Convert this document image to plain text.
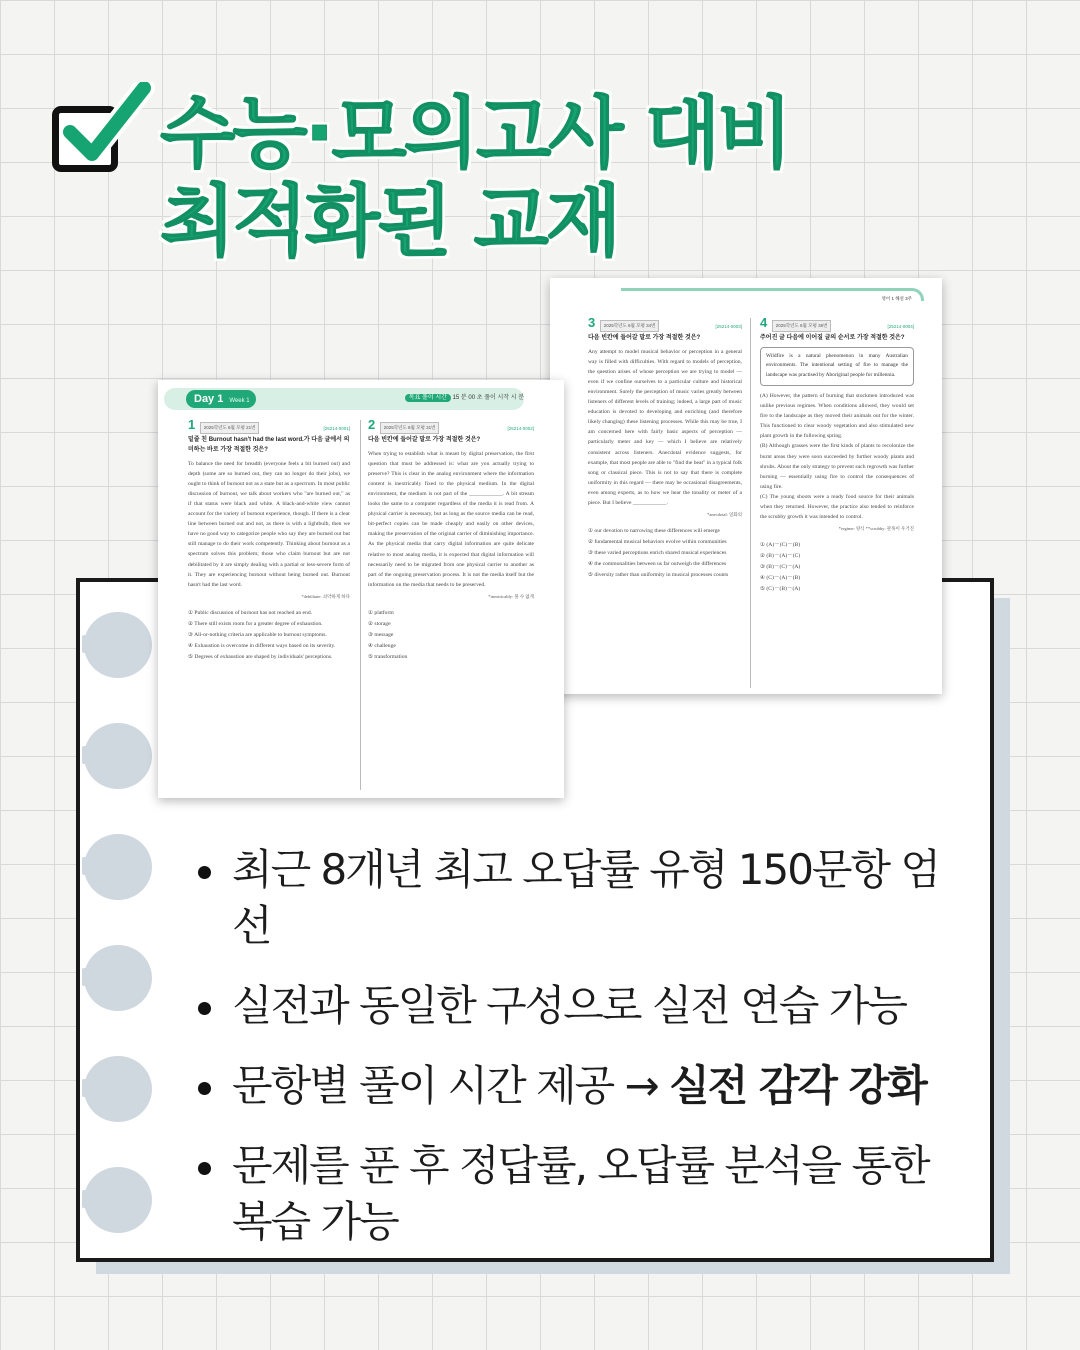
수능·모의고사 대비
최적화된 교재
영어 1 해설 3주
3 2025학년도 6월 모평 34번	[25214-0003]
다음 빈칸에 들어갈 말로 가장 적절한 것은?

Any attempt to model musical behavior or perception in a general way is filled with difficulties. With regard to models of perception, the question arises of whose perception we are trying to model — even if we confine ourselves to a particular culture and historical environment. Surely the perception of music varies greatly between listeners of different levels of training; indeed, a large part of music education is devoted to developing and enriching (and therefore likely changing) these listening processes. While this may be true, I am concerned here with fairly basic aspects of perception — particularly meter and key — which I believe are relatively consistent across listeners. Anecdotal evidence suggests, for example, that most people are able to "find the beat" in a typical folk song or classical piece. This is not to say that there is complete uniformity in this regard — there may be occasional disagreements, even among experts, as to how we hear the tonality or meter of a piece. But I believe ____________.

*anecdotal: 일화의
① our devotion to narrowing these differences will emerge
② fundamental musical behaviors evolve within communities
③ these varied perceptions enrich shared musical experiences
④ the commonalities between us far outweigh the differences
⑤ diversity rather than uniformity in musical processes counts
4 2025학년도 6월 모평 36번	[25214-0004]
주어진 글 다음에 이어질 글의 순서로 가장 적절한 것은?
Wildfire is a natural phenomenon in many Australian environments. The intentional setting of fire to manage the landscape was practised by Aboriginal people for millennia.

(A) However, the pattern of burning that stockmen introduced was unlike previous regimes. When conditions allowed, they would set fire to the landscape as they moved their animals out for the winter. This functioned to clear woody vegetation and also stimulated new plant growth in the following spring.

(B) Although grasses were the first kinds of plants to recolonize the burnt areas they were soon succeeded by further woody plants and shrubs. About the only strategy to prevent such regrowth was further burning — essentially using fire to control the consequences of using fire.

(C) The young shoots were a ready food source for their animals when they returned. However, the practice also tended to reinforce the scrubby growth it was intended to control.

*regime: 양식 **scrubby: 관목이 우거진
① (A)－(C)－(B)
② (B)－(A)－(C)
③ (B)－(C)－(A)
④ (C)－(A)－(B)
⑤ (C)－(B)－(A)
Day 1 Week 1	목표 풀이 시간 15 분 00 초 풀이 시작 시 분
1 2025학년도 6월 모평 21번	[25214-0001]
밑줄 친 Burnout hasn't had the last word.가 다음 글에서 의미하는 바로 가장 적절한 것은?

To balance the need for breadth (everyone feels a bit burned out) and depth (some are so burned out, they can no longer do their jobs), we ought to think of burnout not as a state but as a spectrum. In most public discussion of burnout, we talk about workers who "are burned out," as if that status were black and white. A black-and-white view cannot account for the variety of burnout experience, though. If there is a clear line between burned out and not, as there is with a lightbulb, then we have no good way to categorize people who say they are burned out but still manage to do their work competently. Thinking about burnout as a spectrum solves this problem; those who claim burnout but are not debilitated by it are simply dealing with a partial or less-severe form of it. They are experiencing burnout without being burned out. Burnout hasn't had the last word.

*debilitate: 쇠약하게 하다
① Public discussion of burnout has not reached an end.
② There still exists room for a greater degree of exhaustion.
③ All-or-nothing criteria are applicable to burnout symptoms.
④ Exhaustion is overcome in different ways based on its severity.
⑤ Degrees of exhaustion are shaped by individuals' perceptions.
2 2025학년도 6월 모평 31번	[25214-0002]
다음 빈칸에 들어갈 말로 가장 적절한 것은?

When trying to establish what is meant by digital preservation, the first question that must be addressed is: what are you actually trying to preserve? This is clear in the analog environment where the information content is inextricably fixed to the physical medium. In the digital environment, the medium is not part of the ____________. A bit stream looks the same to a computer regardless of the media it is read from. A physical carrier is necessary, but as long as the source media can be read, bit-perfect copies can be made cheaply and easily on other devices, making the preservation of the original carrier of diminishing importance. As the physical media that carry digital information are quite delicate relative to most analog media, it is expected that digital information will necessarily need to be migrated from one physical carrier to another as part of the ongoing preservation process. It is not the media itself but the information on the media that needs to be preserved.

*inextricably: 풀 수 없게
① platform
② storage
③ message
④ challenge
⑤ transformation
최근 8개년 최고 오답률 유형 150문항 엄선
실전과 동일한 구성으로 실전 연습 가능
문항별 풀이 시간 제공 → 실전 감각 강화
문제를 푼 후 정답률, 오답률 분석을 통한 복습 가능
